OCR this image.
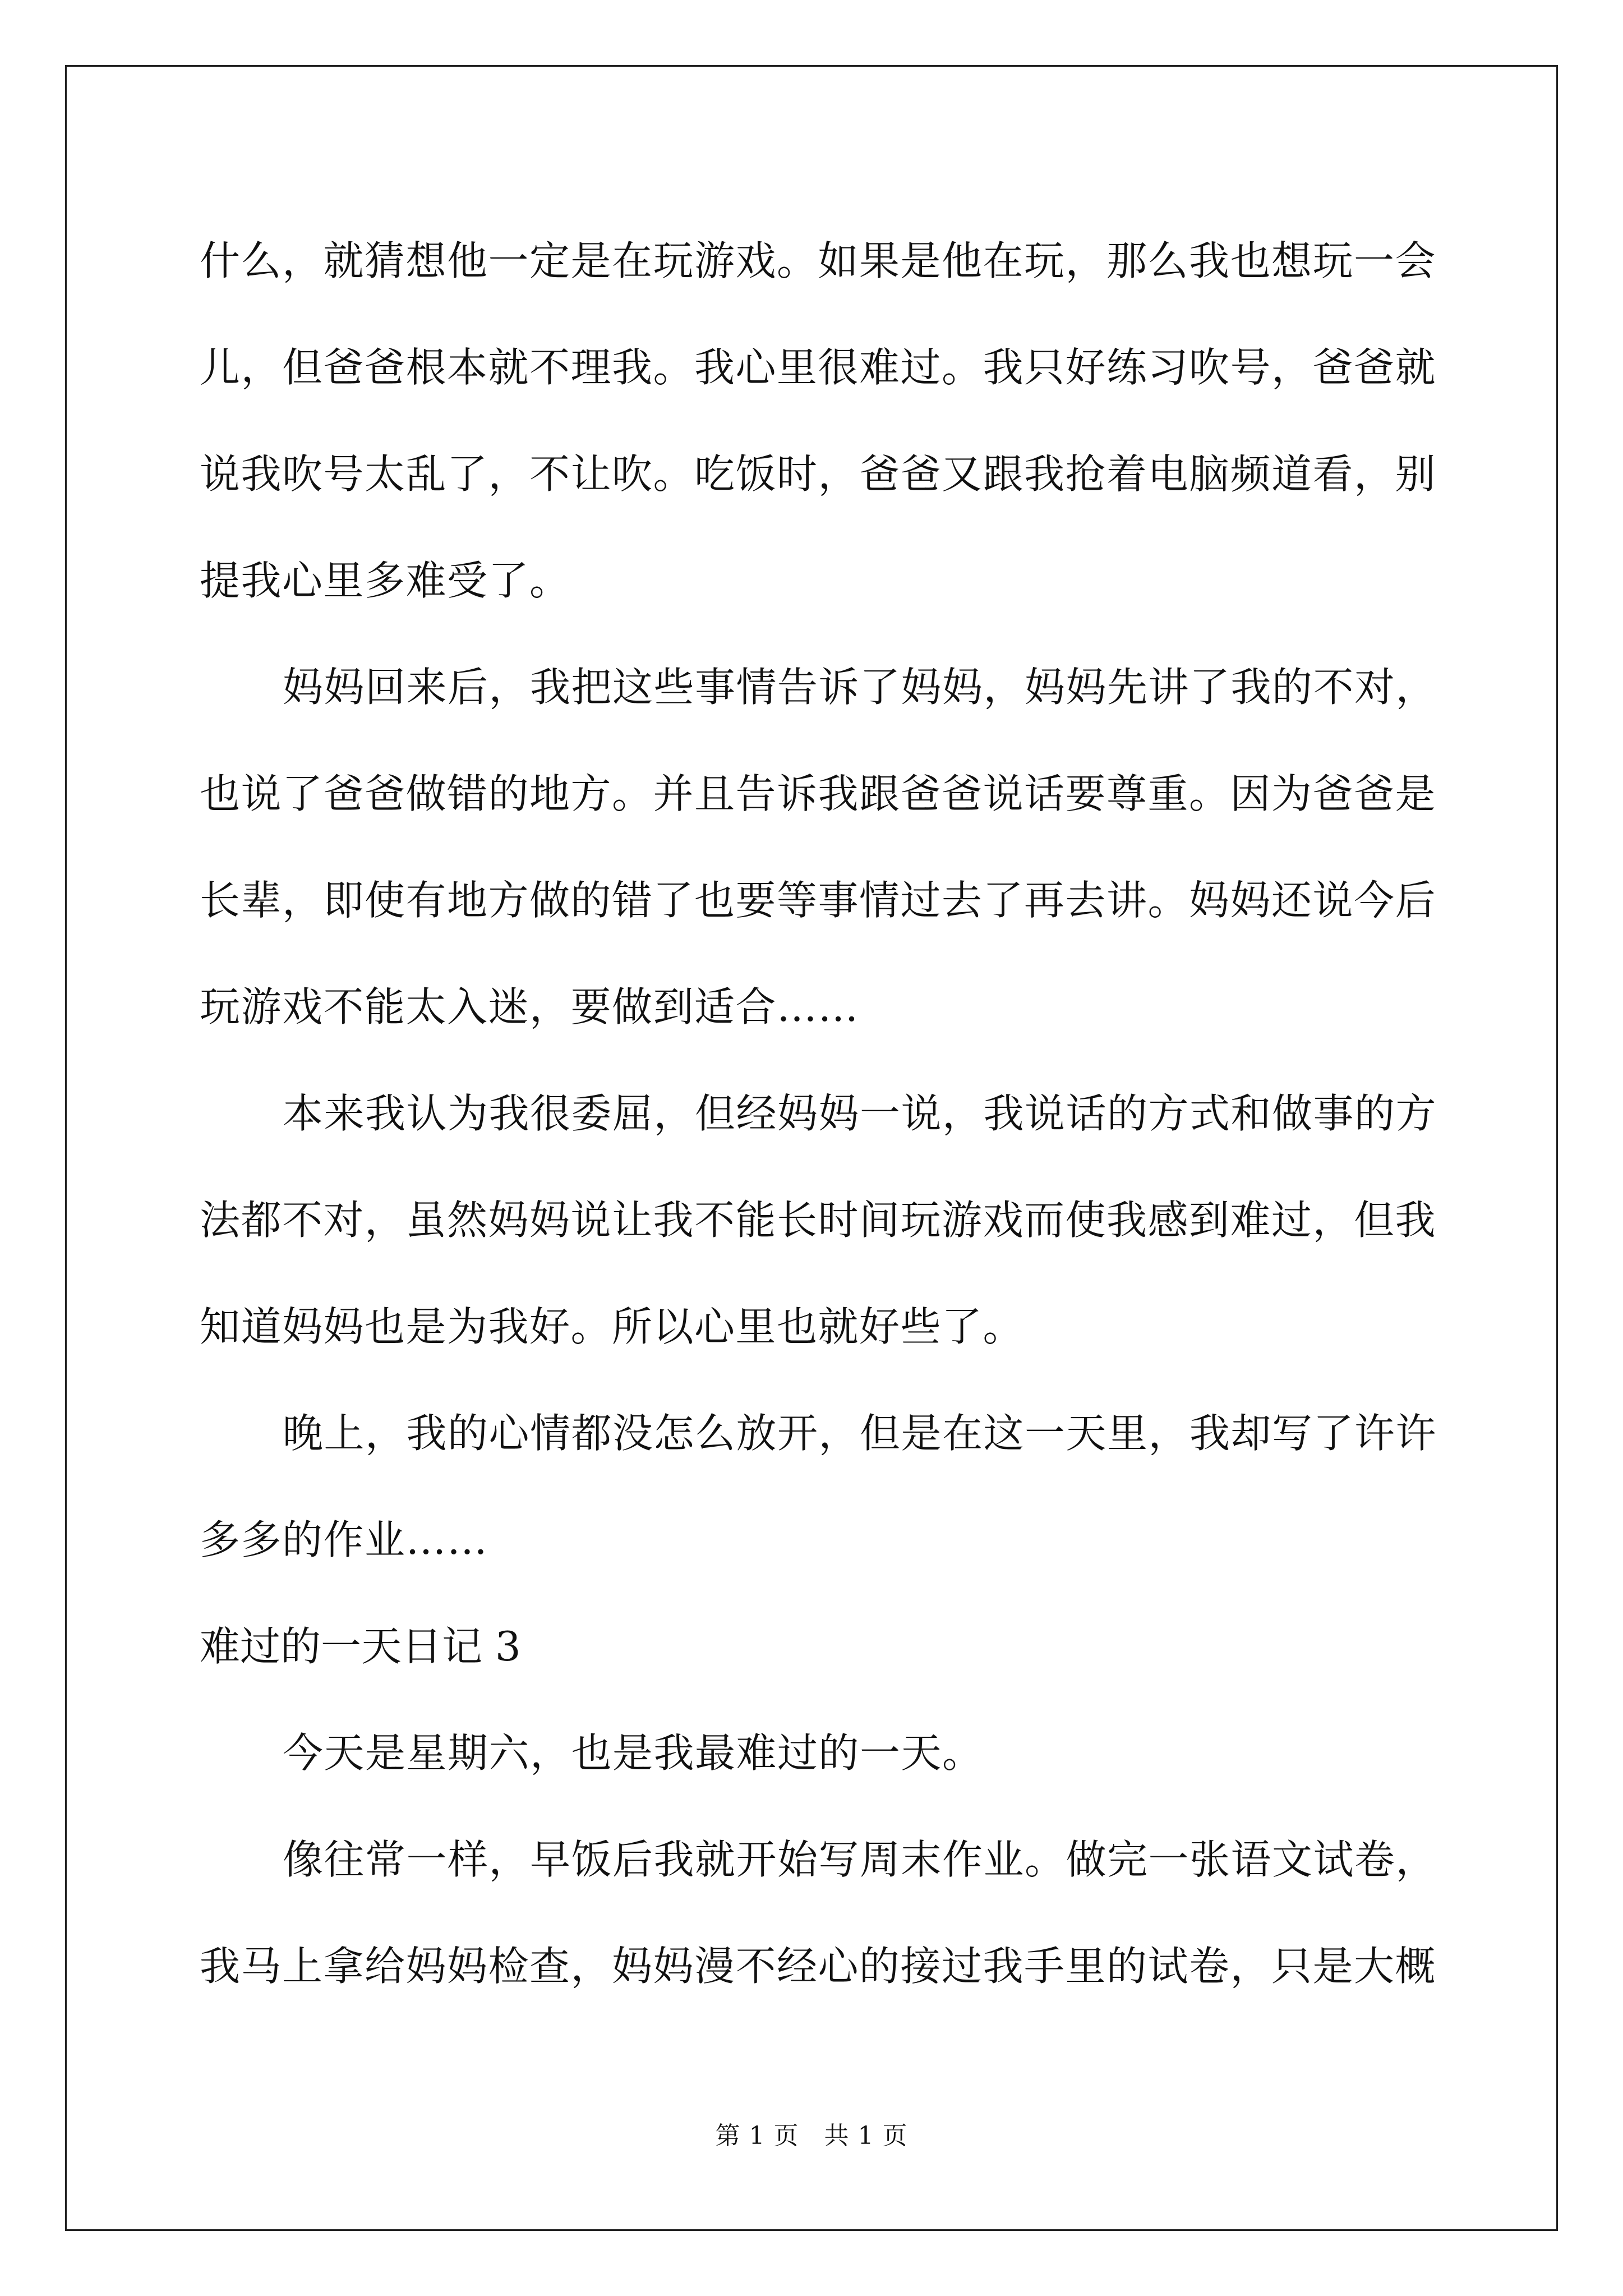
什么，就猜想他一定是在玩游戏。如果是他在玩，那么我也想玩一会
儿，但爸爸根本就不理我。我心里很难过。我只好练习吹号，爸爸就
说我吹号太乱了，不让吹。吃饭时，爸爸又跟我抢着电脑频道看，别
提我心里多难受了。
妈妈回来后，我把这些事情告诉了妈妈，妈妈先讲了我的不对，
也说了爸爸做错的地方。并且告诉我跟爸爸说话要尊重。因为爸爸是
长辈，即使有地方做的错了也要等事情过去了再去讲。妈妈还说今后
玩游戏不能太入迷，要做到适合……
本来我认为我很委屈，但经妈妈一说，我说话的方式和做事的方
法都不对，虽然妈妈说让我不能长时间玩游戏而使我感到难过，但我
知道妈妈也是为我好。所以心里也就好些了。
晚上，我的心情都没怎么放开，但是在这一天里，我却写了许许
多多的作业……
难过的一天日记 3
今天是星期六，也是我最难过的一天。
像往常一样，早饭后我就开始写周末作业。做完一张语文试卷，
我马上拿给妈妈检查，妈妈漫不经心的接过我手里的试卷，只是大概
第 1 页　共 1 页
